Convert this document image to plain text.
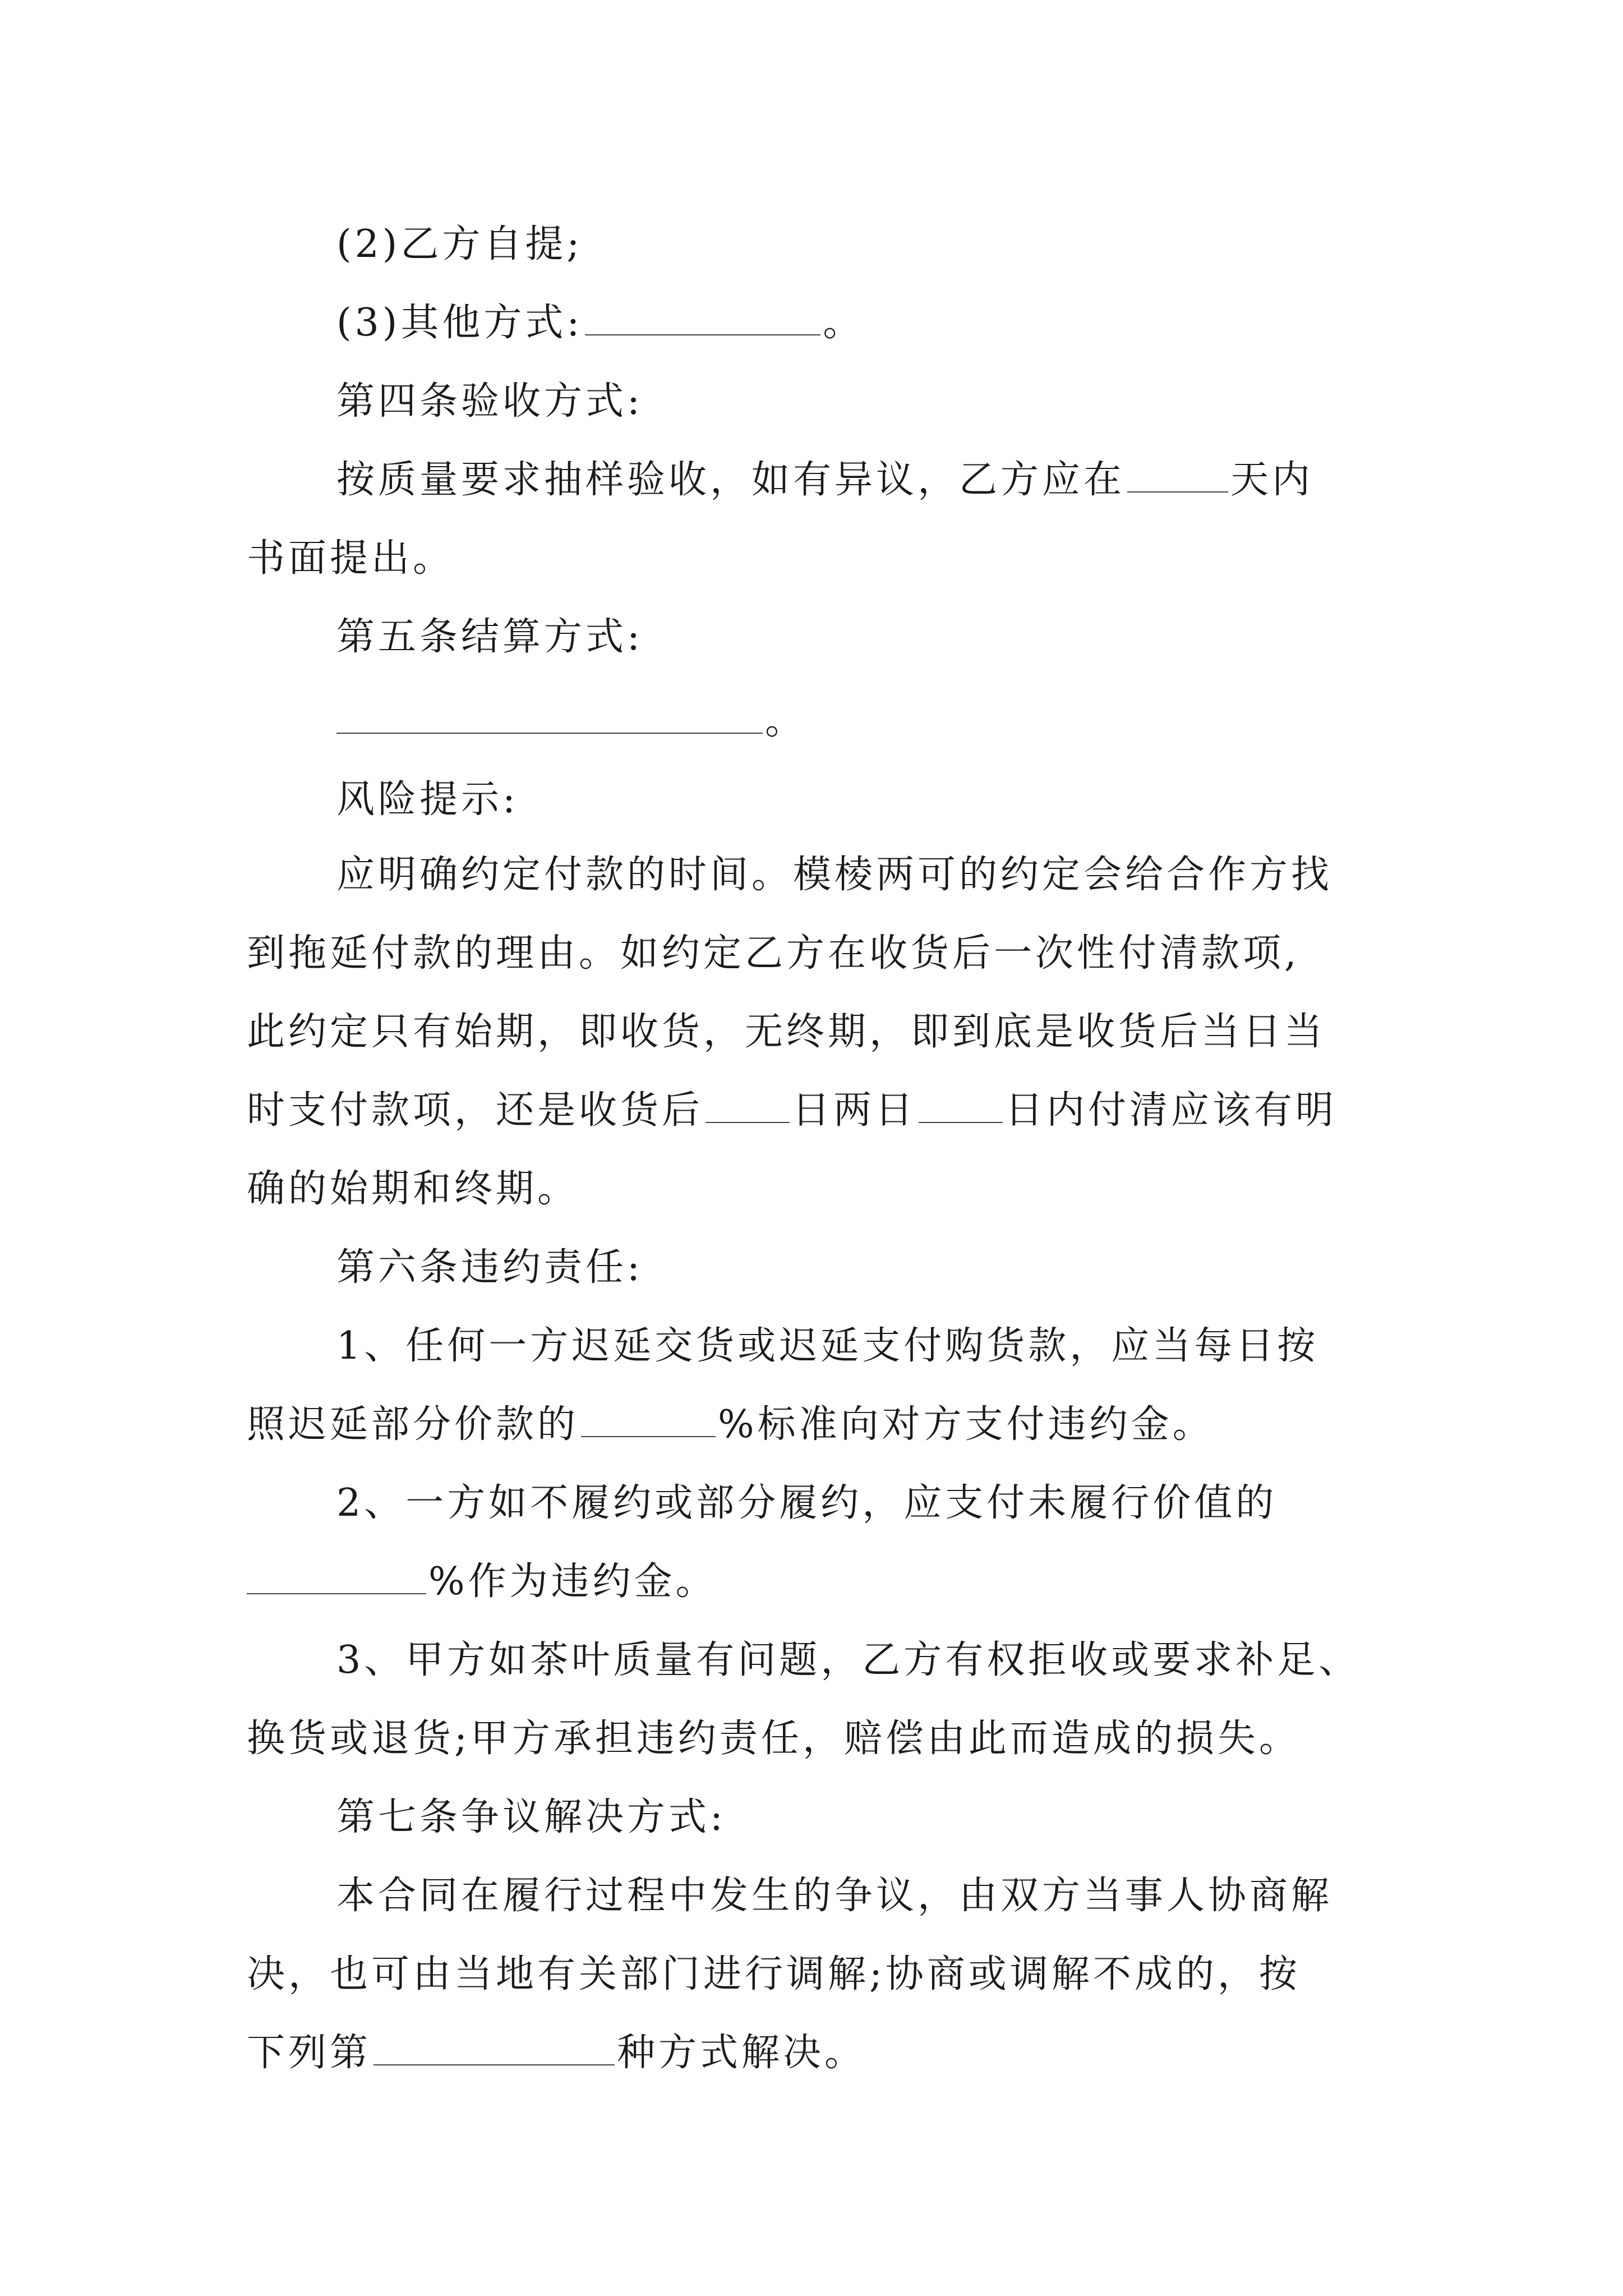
(2)乙方自提;
(3)其他方式:	。
第四条验收方式:
按质量要求抽样验收，如有异议，乙方应在	天内
书面提出。
第五条结算方式:
。
风险提示:
应明确约定付款的时间。模棱两可的约定会给合作方找
到拖延付款的理由。如约定乙方在收货后一次性付清款项,
此约定只有始期，即收货，无终期，即到底是收货后当日当
时支付款项，还是收货后 日两日 日内付清应该有明
确的始期和终期。
第六条违约责任:
1、任何一方迟延交货或迟延支付购货款，应当每日按
照迟延部分价款的	%标准向对方支付违约金。
2、一方如不履约或部分履约，应支付未履行价值的
%作为违约金。
3、甲方如茶叶质量有问题，乙方有权拒收或要求补足、
换货或退货;甲方承担违约责任，赔偿由此而造成的损失。
第七条争议解决方式:
本合同在履行过程中发生的争议，由双方当事人协商解
决，也可由当地有关部门进行调解;协商或调解不成的，按
下列第	种方式解决。
